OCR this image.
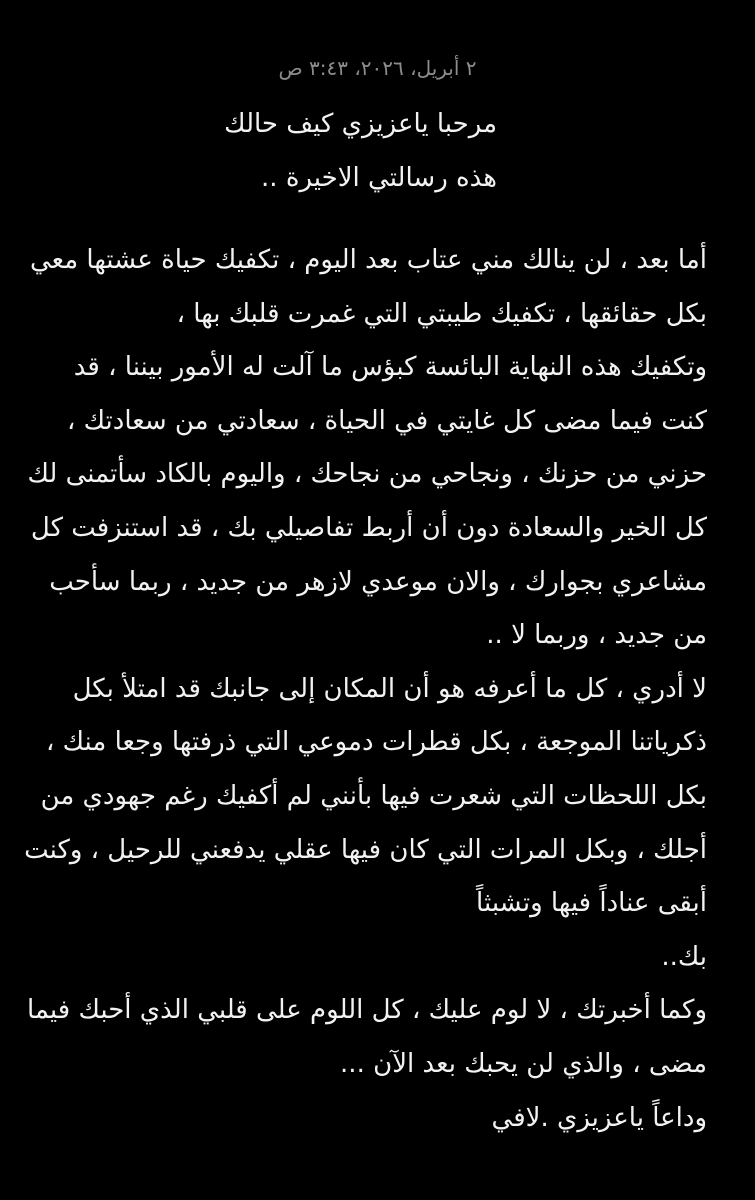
٢ أبريل، ٢٠٢٦، ٣:٤٣ ص
مرحبا ياعزيزي كيف حالك
هذه رسالتي الاخيرة ..
أما بعد ، لن ينالك مني عتاب بعد اليوم ، تكفيك حياة عشتها معي
بكل حقائقها ، تكفيك طيبتي التي غمرت قلبك بها ،
وتكفيك هذه النهاية البائسة كبؤس ما آلت له الأمور بيننا ، قد
كنت فيما مضى كل غايتي في الحياة ، سعادتي من سعادتك ،
حزني من حزنك ، ونجاحي من نجاحك ، واليوم بالكاد سأتمنى لك
كل الخير والسعادة دون أن أربط تفاصيلي بك ، قد استنزفت كل
مشاعري بجوارك ، والان موعدي لازهر من جديد ، ربما سأحب
من جديد ، وربما لا ..
لا أدري ، كل ما أعرفه هو أن المكان إلى جانبك قد امتلأ بكل
ذكرياتنا الموجعة ، بكل قطرات دموعي التي ذرفتها وجعا منك ،
بكل اللحظات التي شعرت فيها بأنني لم أكفيك رغم جهودي من
أجلك ، وبكل المرات التي كان فيها عقلي يدفعني للرحيل ، وكنت
أبقى عناداً فيها وتشبثاً
بك..
وكما أخبرتك ، لا لوم عليك ، كل اللوم على قلبي الذي أحبك فيما
مضى ، والذي لن يحبك بعد الآن ...
وداعاً ياعزيزي .لافي
